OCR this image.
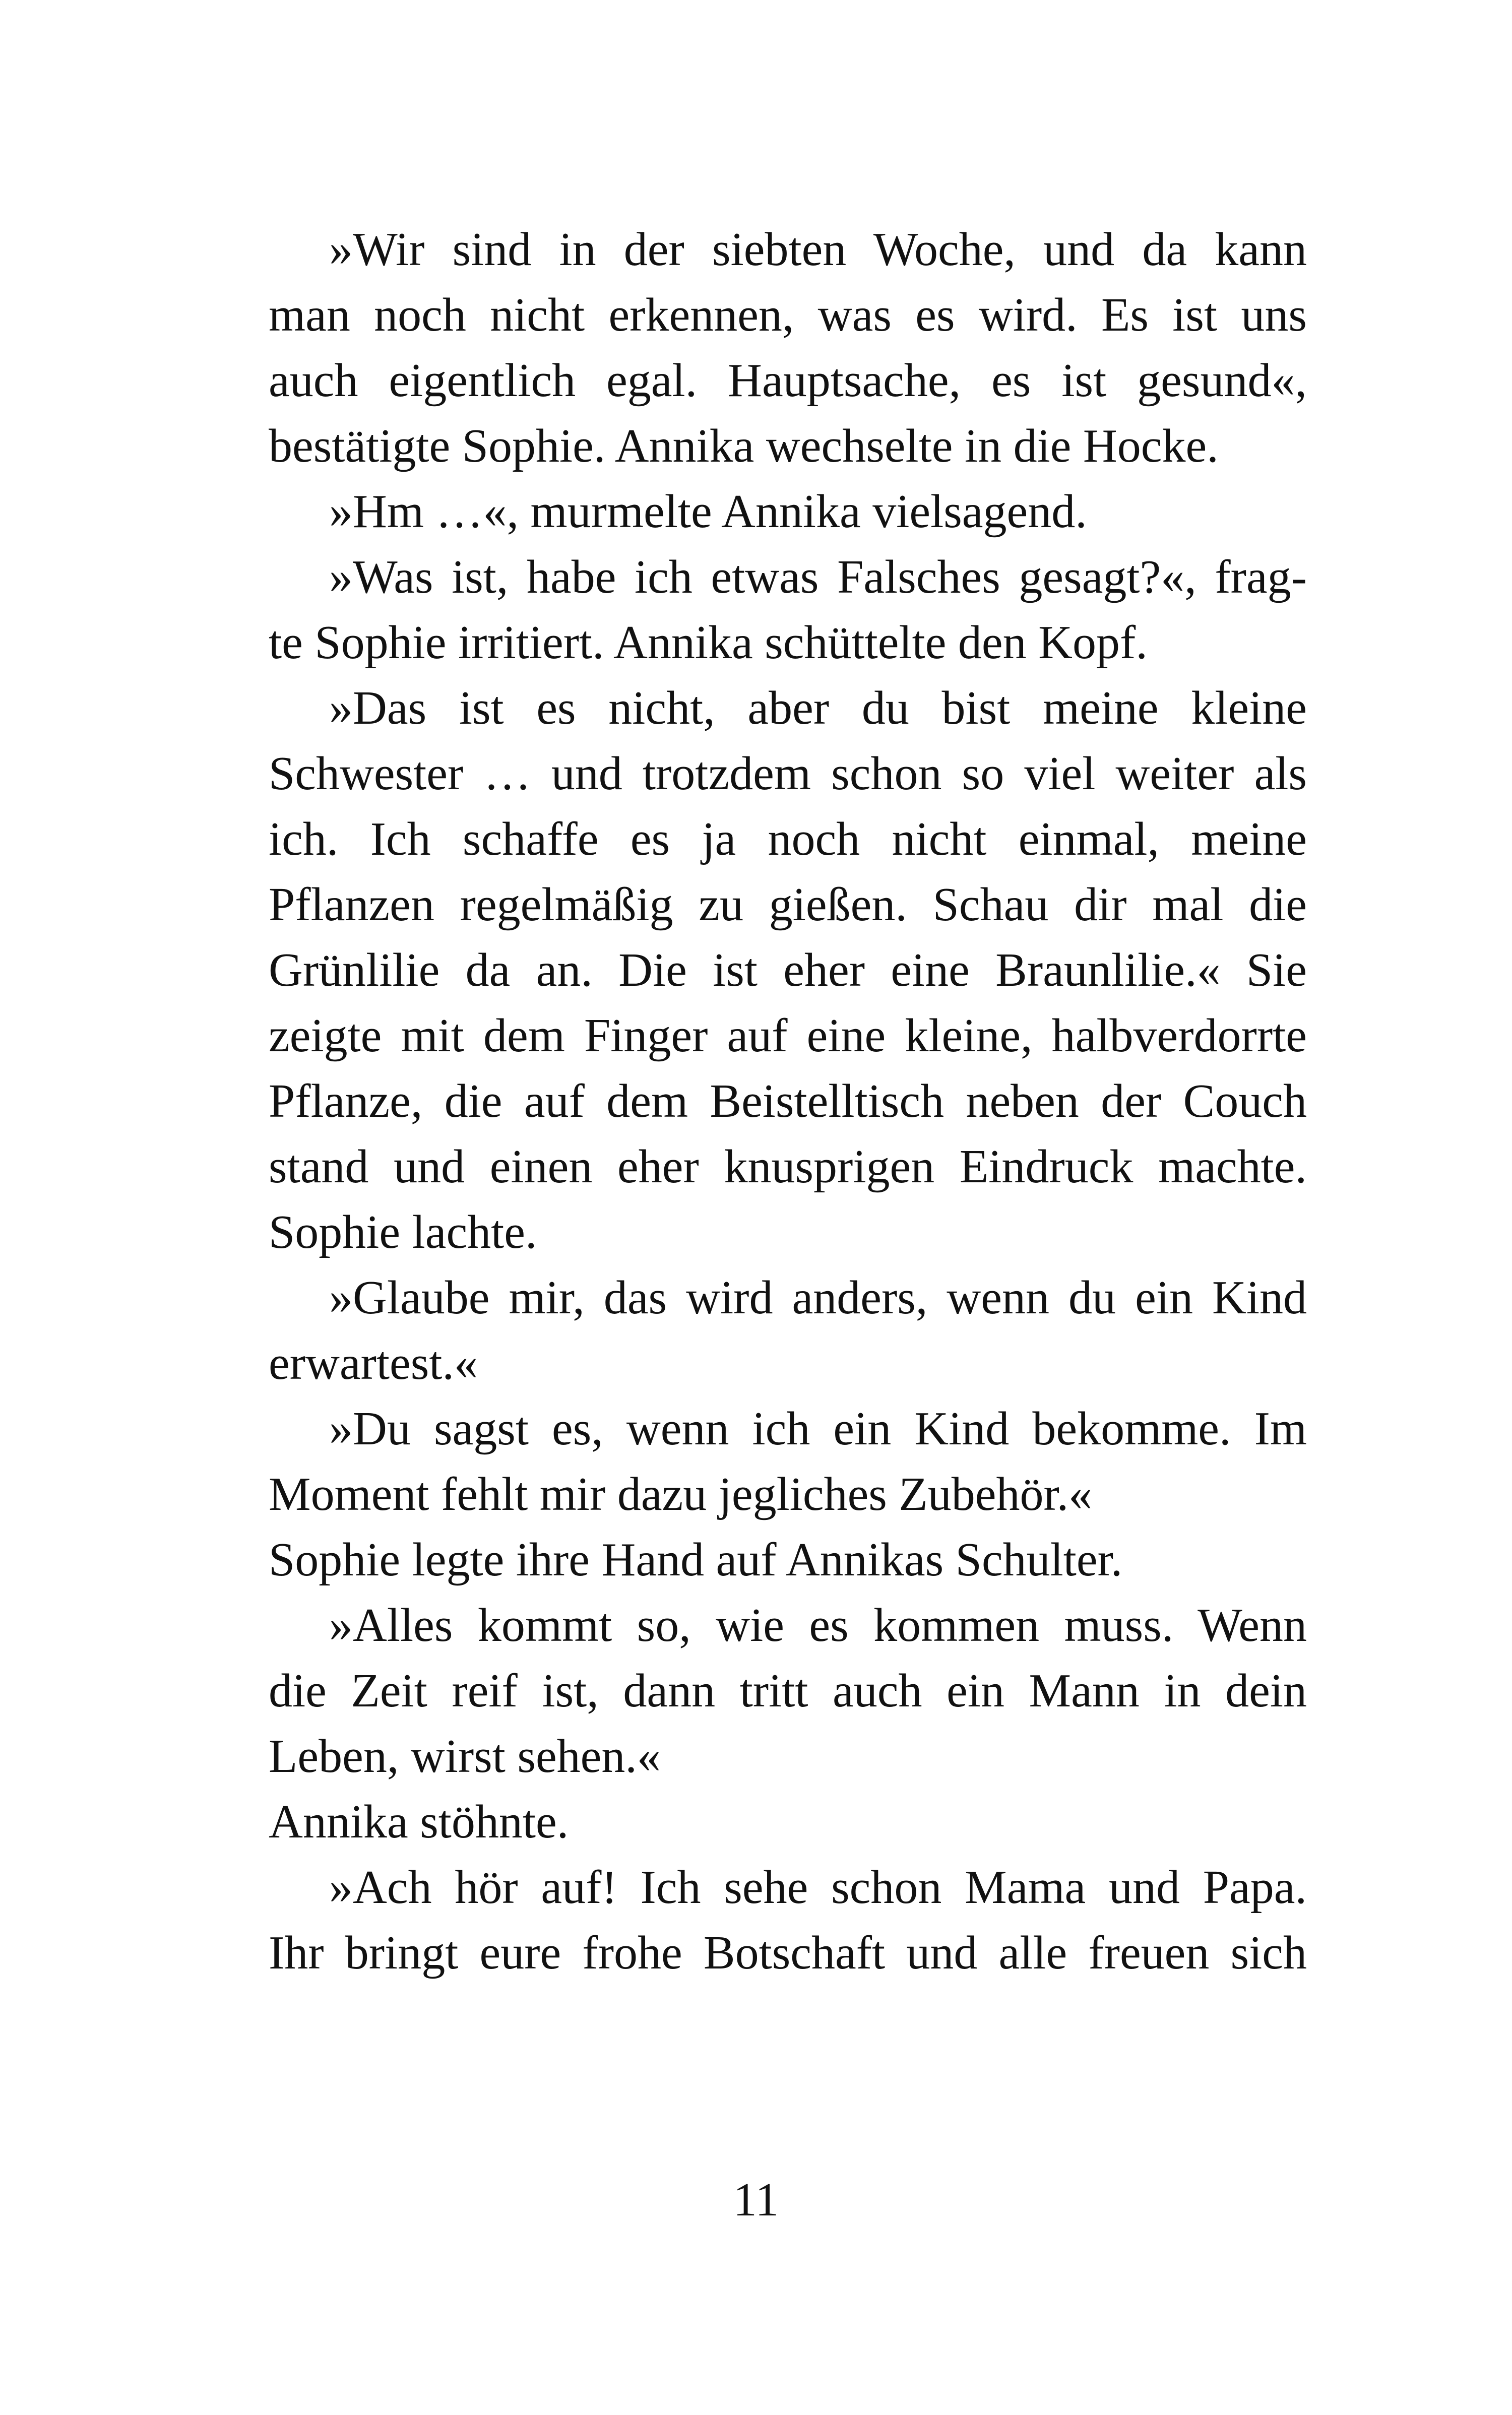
»Wir sind in der siebten Woche, und da kann
man noch nicht erkennen, was es wird. Es ist uns
auch eigentlich egal. Hauptsache, es ist gesund«,
bestätigte Sophie. Annika wechselte in die Hocke.
»Hm …«, murmelte Annika vielsagend.
»Was ist, habe ich etwas Falsches gesagt?«, frag-
te Sophie irritiert. Annika schüttelte den Kopf.
»Das ist es nicht, aber du bist meine kleine
Schwester … und trotzdem schon so viel weiter als
ich. Ich schaffe es ja noch nicht einmal, meine
Pflanzen regelmäßig zu gießen. Schau dir mal die
Grünlilie da an. Die ist eher eine Braunlilie.« Sie
zeigte mit dem Finger auf eine kleine, halbverdorrte
Pflanze, die auf dem Beistelltisch neben der Couch
stand und einen eher knusprigen Eindruck machte.
Sophie lachte.
»Glaube mir, das wird anders, wenn du ein Kind
erwartest.«
»Du sagst es, wenn ich ein Kind bekomme. Im
Moment fehlt mir dazu jegliches Zubehör.«
Sophie legte ihre Hand auf Annikas Schulter.
»Alles kommt so, wie es kommen muss. Wenn
die Zeit reif ist, dann tritt auch ein Mann in dein
Leben, wirst sehen.«
Annika stöhnte.
»Ach hör auf! Ich sehe schon Mama und Papa.
Ihr bringt eure frohe Botschaft und alle freuen sich
11
